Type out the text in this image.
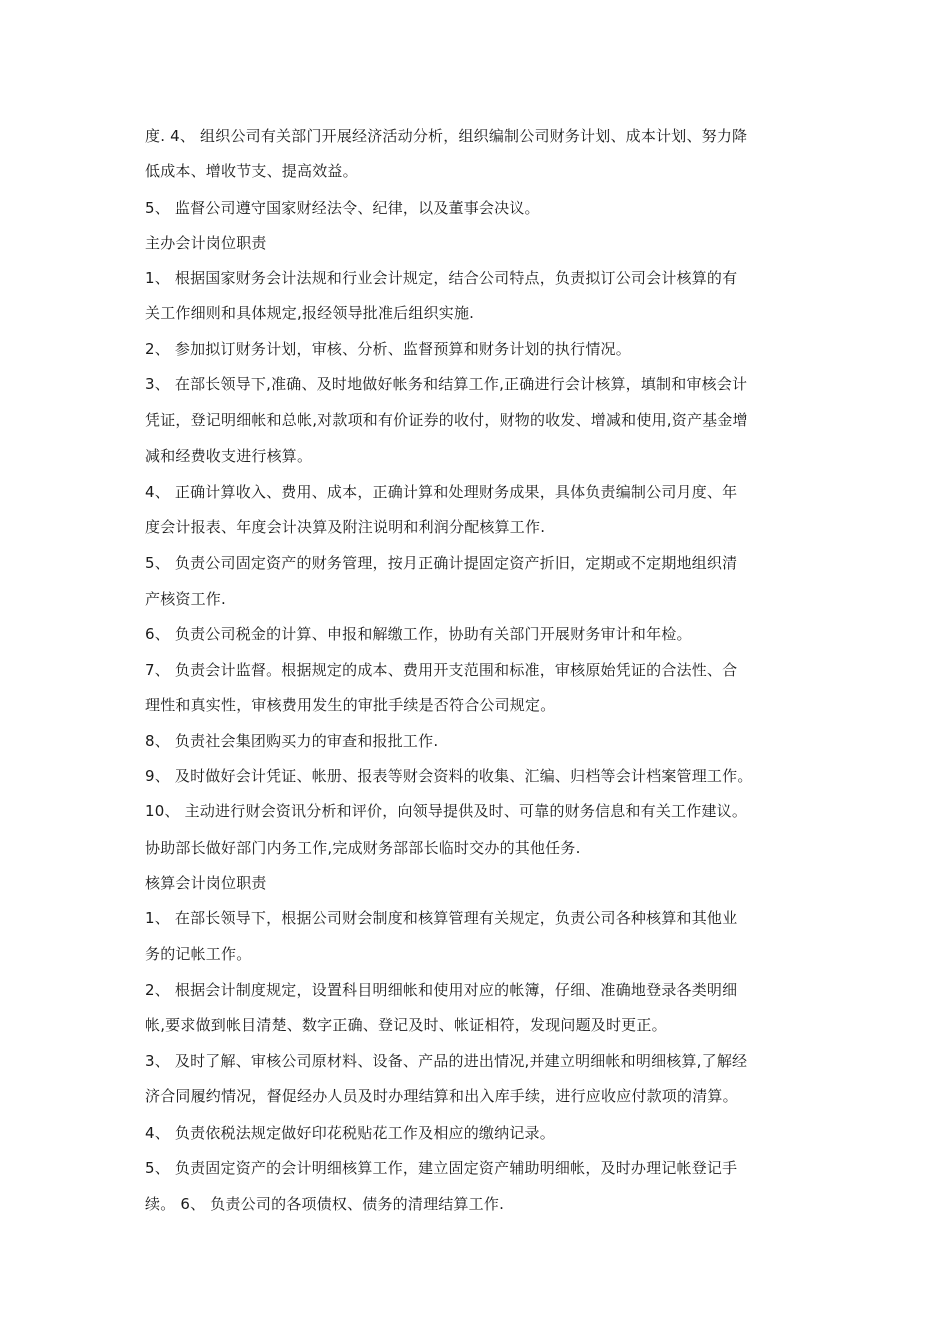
度. 4、 组织公司有关部门开展经济活动分析，组织编制公司财务计划、成本计划、努力降
低成本、增收节支、提高效益。
5、 监督公司遵守国家财经法令、纪律，以及董事会决议。
主办会计岗位职责
1、 根据国家财务会计法规和行业会计规定，结合公司特点，负责拟订公司会计核算的有
关工作细则和具体规定,报经领导批准后组织实施.
2、 参加拟订财务计划，审核、分析、监督预算和财务计划的执行情况。
3、 在部长领导下,准确、及时地做好帐务和结算工作,正确进行会计核算，填制和审核会计
凭证，登记明细帐和总帐,对款项和有价证券的收付，财物的收发、增减和使用,资产基金增
减和经费收支进行核算。
4、 正确计算收入、费用、成本，正确计算和处理财务成果，具体负责编制公司月度、年
度会计报表、年度会计决算及附注说明和利润分配核算工作.
5、 负责公司固定资产的财务管理，按月正确计提固定资产折旧，定期或不定期地组织清
产核资工作.
6、 负责公司税金的计算、申报和解缴工作，协助有关部门开展财务审计和年检。
7、 负责会计监督。根据规定的成本、费用开支范围和标准，审核原始凭证的合法性、合
理性和真实性，审核费用发生的审批手续是否符合公司规定。
8、 负责社会集团购买力的审查和报批工作.
9、 及时做好会计凭证、帐册、报表等财会资料的收集、汇编、归档等会计档案管理工作。
10、 主动进行财会资讯分析和评价，向领导提供及时、可靠的财务信息和有关工作建议。
协助部长做好部门内务工作,完成财务部部长临时交办的其他任务.
核算会计岗位职责
1、 在部长领导下，根据公司财会制度和核算管理有关规定，负责公司各种核算和其他业
务的记帐工作。
2、 根据会计制度规定，设置科目明细帐和使用对应的帐簿，仔细、准确地登录各类明细
帐,要求做到帐目清楚、数字正确、登记及时、帐证相符，发现问题及时更正。
3、 及时了解、审核公司原材料、设备、产品的进出情况,并建立明细帐和明细核算,了解经
济合同履约情况，督促经办人员及时办理结算和出入库手续，进行应收应付款项的清算。
4、 负责依税法规定做好印花税贴花工作及相应的缴纳记录。
5、 负责固定资产的会计明细核算工作，建立固定资产辅助明细帐，及时办理记帐登记手
续。 6、 负责公司的各项债权、债务的清理结算工作.
